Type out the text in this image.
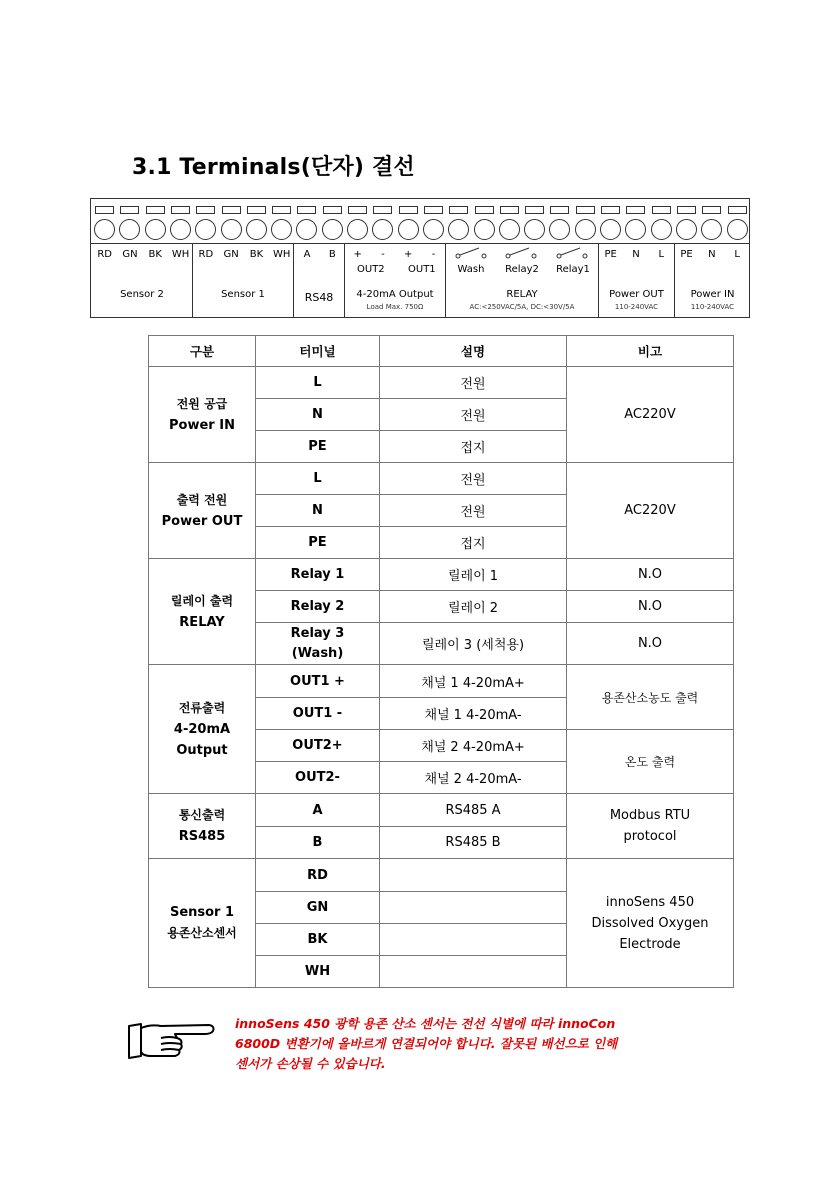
3.1 Terminals(단자) 결선
RD	GN	BK WH RD	GN	BK WH	A	B	+	-	+	-	PE	N	L	PE	N	L
OUT2 OUT1 Wash	Relay2	Relay1
Sensor 2	Sensor 1	RS48	4-20mA Output
Load Max. 750Ω
RELAY
AC:<250VAC/5A, DC:<30V/5A
Power OUT
110-240VAC
Power IN
110-240VAC
구분	터미널	설명	비고

전원 공급
Power IN	L	전원	AC220V
	N	전원	
	PE	접지	

출력 전원
Power OUT	L	전원	AC220V
	N	전원	
	PE	접지	

릴레이 출력
RELAY	Relay 1	릴레이 1	N.O
	Relay 2	릴레이 2	N.O
	Relay 3
(Wash)	릴레이 3 (세척용)	N.O

전류출력
4-20mA
Output	OUT1 +	채널 1 4-20mA+	용존산소농도 출력
	OUT1 -	채널 1 4-20mA-	
	OUT2+	채널 2 4-20mA+	온도 출력
	OUT2-	채널 2 4-20mA-	

통신출력
RS485	A	RS485 A	Modbus RTU
protocol
	B	RS485 B	
Sensor 1

용존산소센서	RD		innoSens 450
Dissolved Oxygen
Electrode
	GN		
	BK		
	WH		
innoSens 450 광학 용존 산소 센서는 전선 식별에 따라 innoCon
6800D 변환기에 올바르게 연결되어야 합니다. 잘못된 배선으로 인해
센서가 손상될 수 있습니다.
